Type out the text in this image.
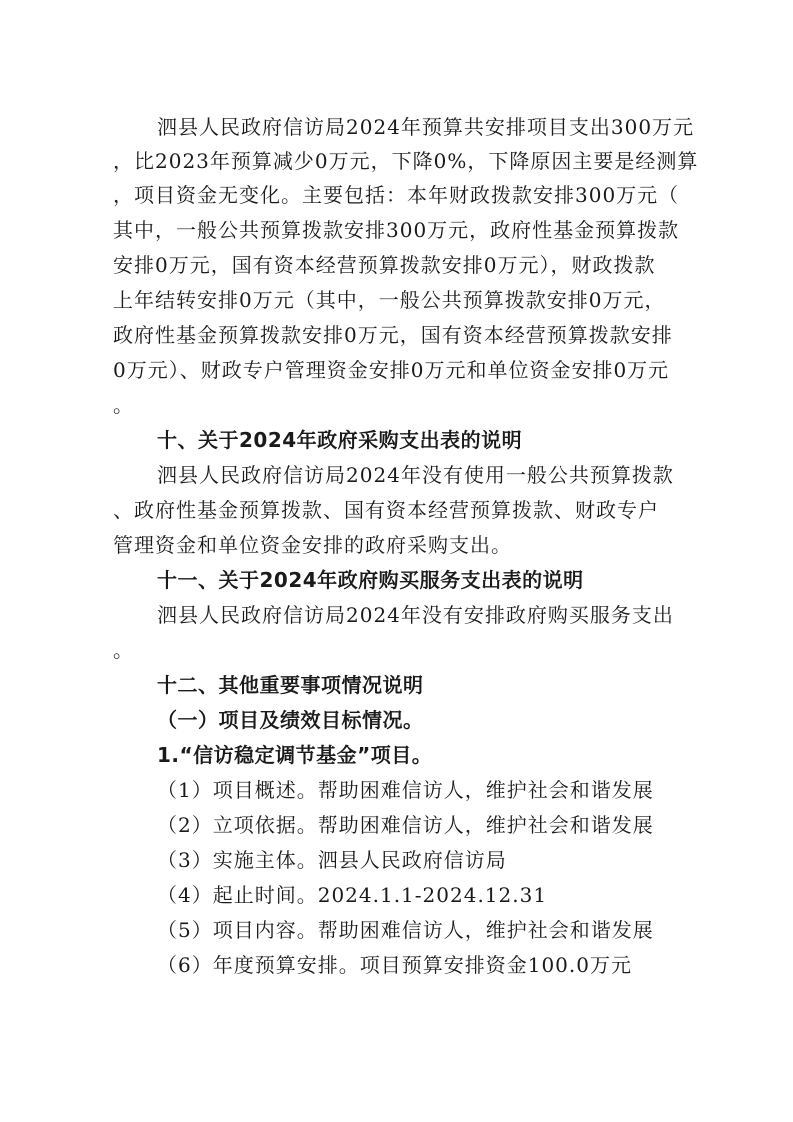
泗县人民政府信访局2024年预算共安排项目支出300万元
，比2023年预算减少0万元，下降0%，下降原因主要是经测算
，项目资金无变化。主要包括：本年财政拨款安排300万元（
其中，一般公共预算拨款安排300万元，政府性基金预算拨款
安排0万元，国有资本经营预算拨款安排0万元），财政拨款
上年结转安排0万元（其中，一般公共预算拨款安排0万元，
政府性基金预算拨款安排0万元，国有资本经营预算拨款安排
0万元）、财政专户管理资金安排0万元和单位资金安排0万元
。
十、关于2024年政府采购支出表的说明
泗县人民政府信访局2024年没有使用一般公共预算拨款
、政府性基金预算拨款、国有资本经营预算拨款、财政专户
管理资金和单位资金安排的政府采购支出。
十一、关于2024年政府购买服务支出表的说明
泗县人民政府信访局2024年没有安排政府购买服务支出
。
十二、其他重要事项情况说明
（一）项目及绩效目标情况。
1.“信访稳定调节基金”项目。
（1）项目概述。帮助困难信访人，维护社会和谐发展
（2）立项依据。帮助困难信访人，维护社会和谐发展
（3）实施主体。泗县人民政府信访局
（4）起止时间。2024.1.1-2024.12.31
（5）项目内容。帮助困难信访人，维护社会和谐发展
（6）年度预算安排。项目预算安排资金100.0万元
